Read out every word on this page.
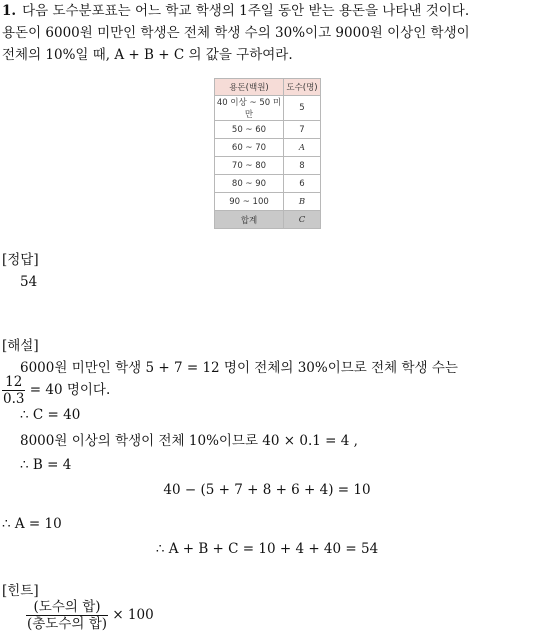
1. 다음 도수분포표는 어느 학교 학생의 1주일 동안 받는 용돈을 나타낸 것이다.
용돈이 6000원 미만인 학생은 전체 학생 수의 30%이고 9000원 이상인 학생이
전체의 10%일 때, A + B + C 의 값을 구하여라.
용돈(백원)	도수(명)
40 이상 ~ 50 미만	5
50 ~ 60	7
60 ~ 70	A
70 ~ 80	8
80 ~ 90	6
90 ~ 100	B
합계	C
[정답]
54
[해설]
6000원 미만인 학생 5 + 7 = 12 명이 전체의 30%이므로 전체 학생 수는
$\frac{12}{0.3} = 40$ 명이다.
∴ C = 40
8000원 이상의 학생이 전체 10%이므로 40 × 0.1 = 4 ,
∴ B = 4
40 − (5 + 7 + 8 + 6 + 4) = 10
∴ A = 10
∴ A + B + C = 10 + 4 + 40 = 54
[힌트]
$\frac{\text{(도수의 합)}}{\text{(총도수의 합)}} \times 100$
